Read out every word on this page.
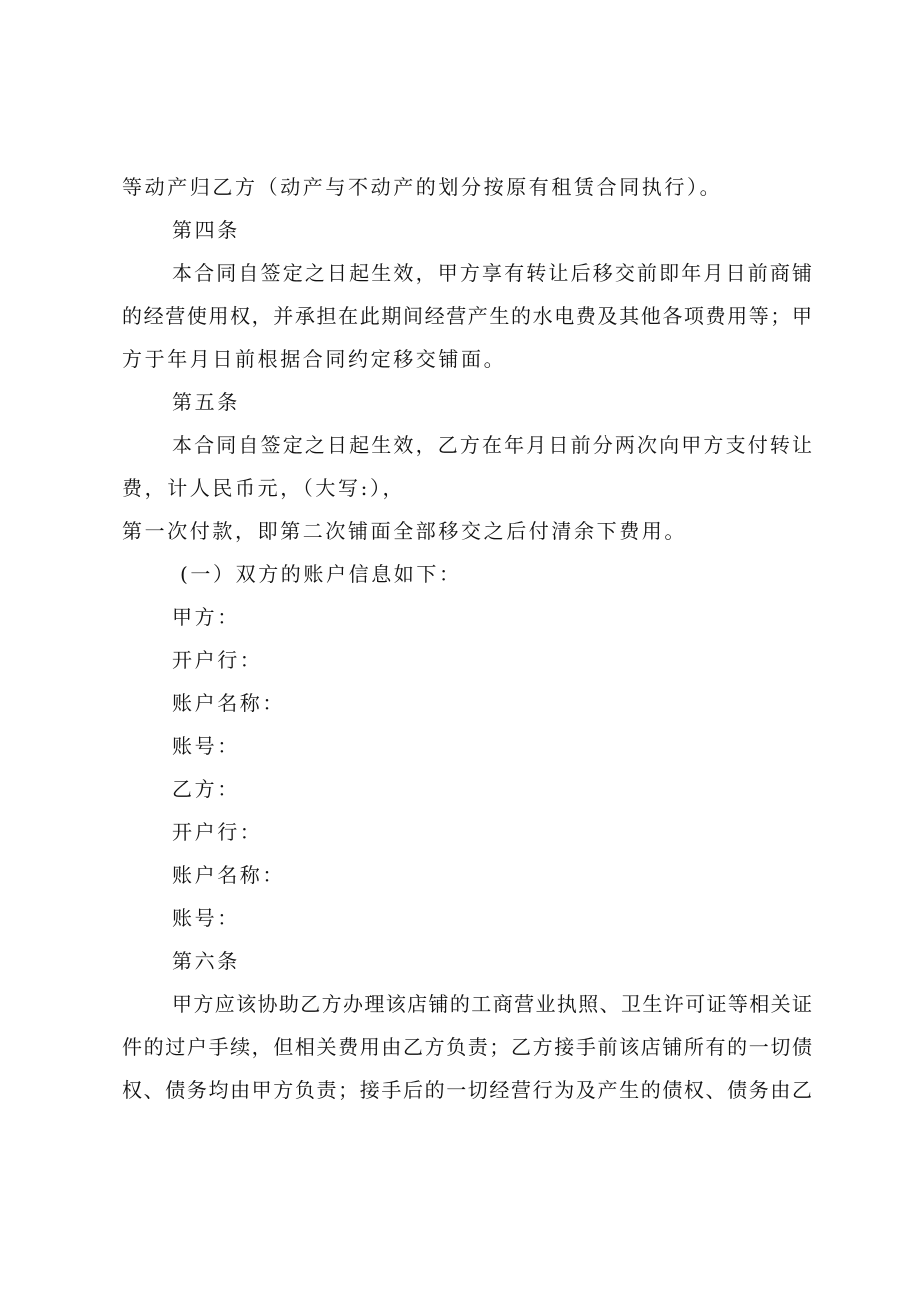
等动产归乙方（动产与不动产的划分按原有租赁合同执行）。
第四条
本合同自签定之日起生效，甲方享有转让后移交前即年月日前商铺
的经营使用权，并承担在此期间经营产生的水电费及其他各项费用等；甲
方于年月日前根据合同约定移交铺面。
第五条
本合同自签定之日起生效，乙方在年月日前分两次向甲方支付转让
费，计人民币元，（大写:），
第一次付款，即第二次铺面全部移交之后付清余下费用。
(一）双方的账户信息如下：
甲方：
开户行：
账户名称：
账号：
乙方：
开户行：
账户名称：
账号：
第六条
甲方应该协助乙方办理该店铺的工商营业执照、卫生许可证等相关证
件的过户手续，但相关费用由乙方负责；乙方接手前该店铺所有的一切债
权、债务均由甲方负责；接手后的一切经营行为及产生的债权、债务由乙
